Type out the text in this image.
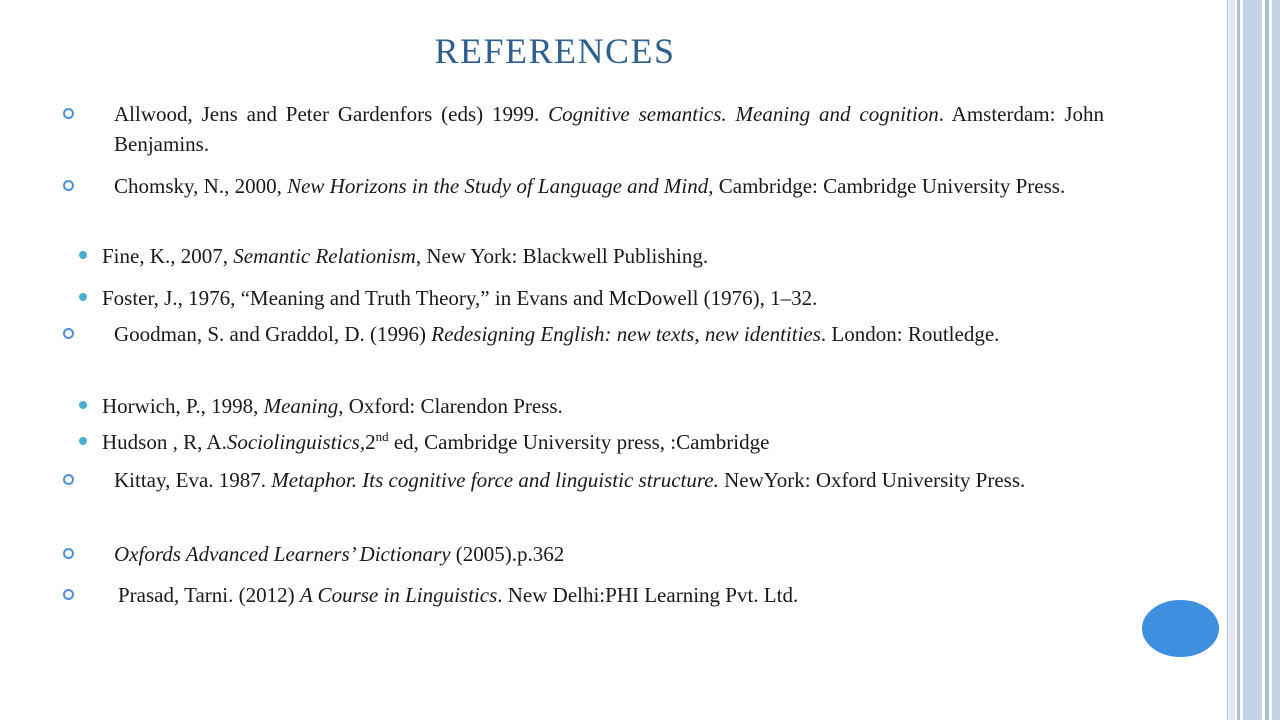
REFERENCES
Allwood, Jens and Peter Gardenfors (eds) 1999. Cognitive semantics. Meaning and cognition. Amsterdam: John Benjamins.
Chomsky, N., 2000, New Horizons in the Study of Language and Mind, Cambridge: Cambridge University Press.
Fine, K., 2007, Semantic Relationism, New York: Blackwell Publishing.
Foster, J., 1976, “Meaning and Truth Theory,” in Evans and McDowell (1976), 1–32.
Goodman, S. and Graddol, D. (1996) Redesigning English: new texts, new identities. London: Routledge.
Horwich, P., 1998, Meaning, Oxford: Clarendon Press.
Hudson , R, A.Sociolinguistics,2nd ed, Cambridge University press, :Cambridge
Kittay, Eva. 1987. Metaphor. Its cognitive force and linguistic structure. NewYork: Oxford University Press.
Oxfords Advanced Learners’ Dictionary (2005).p.362
Prasad, Tarni. (2012) A Course in Linguistics. New Delhi:PHI Learning Pvt. Ltd.
